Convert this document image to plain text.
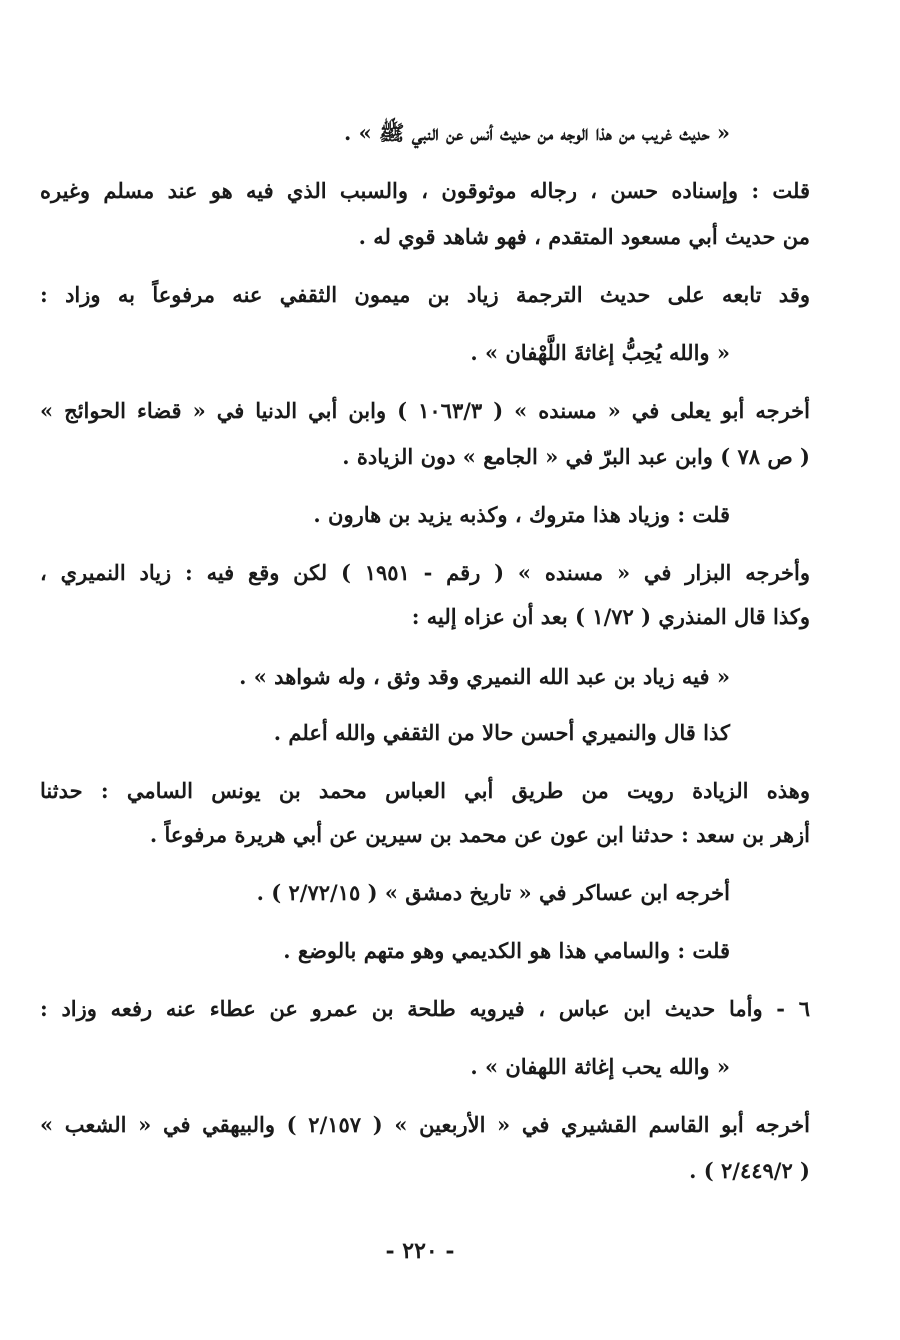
« حديث غريب من هذا الوجه من حديث أنس عن النبي ﷺ » .
قلت : وإسناده حسن ، رجاله موثوقون ، والسبب الذي فيه هو عند مسلم وغيره
من حديث أبي مسعود المتقدم ، فهو شاهد قوي له .
وقد تابعه على حديث الترجمة زياد بن ميمون الثقفي عنه مرفوعاً به وزاد :
« والله يُحِبُّ إغاثةَ اللَّهْفان » .
أخرجه أبو يعلى في « مسنده » ( ١٠٦٣/٣ ) وابن أبي الدنيا في « قضاء الحوائج »
( ص ٧٨ ) وابن عبد البرّ في « الجامع » دون الزيادة .
قلت : وزياد هذا متروك ، وكذبه يزيد بن هارون .
وأخرجه البزار في « مسنده » ( رقم - ١٩٥١ ) لكن وقع فيه : زياد النميري ،
وكذا قال المنذري ( ١/٧٢ ) بعد أن عزاه إليه :
« فيه زياد بن عبد الله النميري وقد وثق ، وله شواهد » .
كذا قال والنميري أحسن حالا من الثقفي والله أعلم .
وهذه الزيادة رويت من طريق أبي العباس محمد بن يونس السامي : حدثنا
أزهر بن سعد : حدثنا ابن عون عن محمد بن سيرين عن أبي هريرة مرفوعاً .
أخرجه ابن عساكر في « تاريخ دمشق » ( ٢/٧٢/١٥ ) .
قلت : والسامي هذا هو الكديمي وهو متهم بالوضع .
٦ - وأما حديث ابن عباس ، فيرويه طلحة بن عمرو عن عطاء عنه رفعه وزاد :
« والله يحب إغاثة اللهفان » .
أخرجه أبو القاسم القشيري في « الأربعين » ( ٢/١٥٧ ) والبيهقي في « الشعب »
( ٢/٤٤٩/٢ ) .
- ٢٢٠ -
